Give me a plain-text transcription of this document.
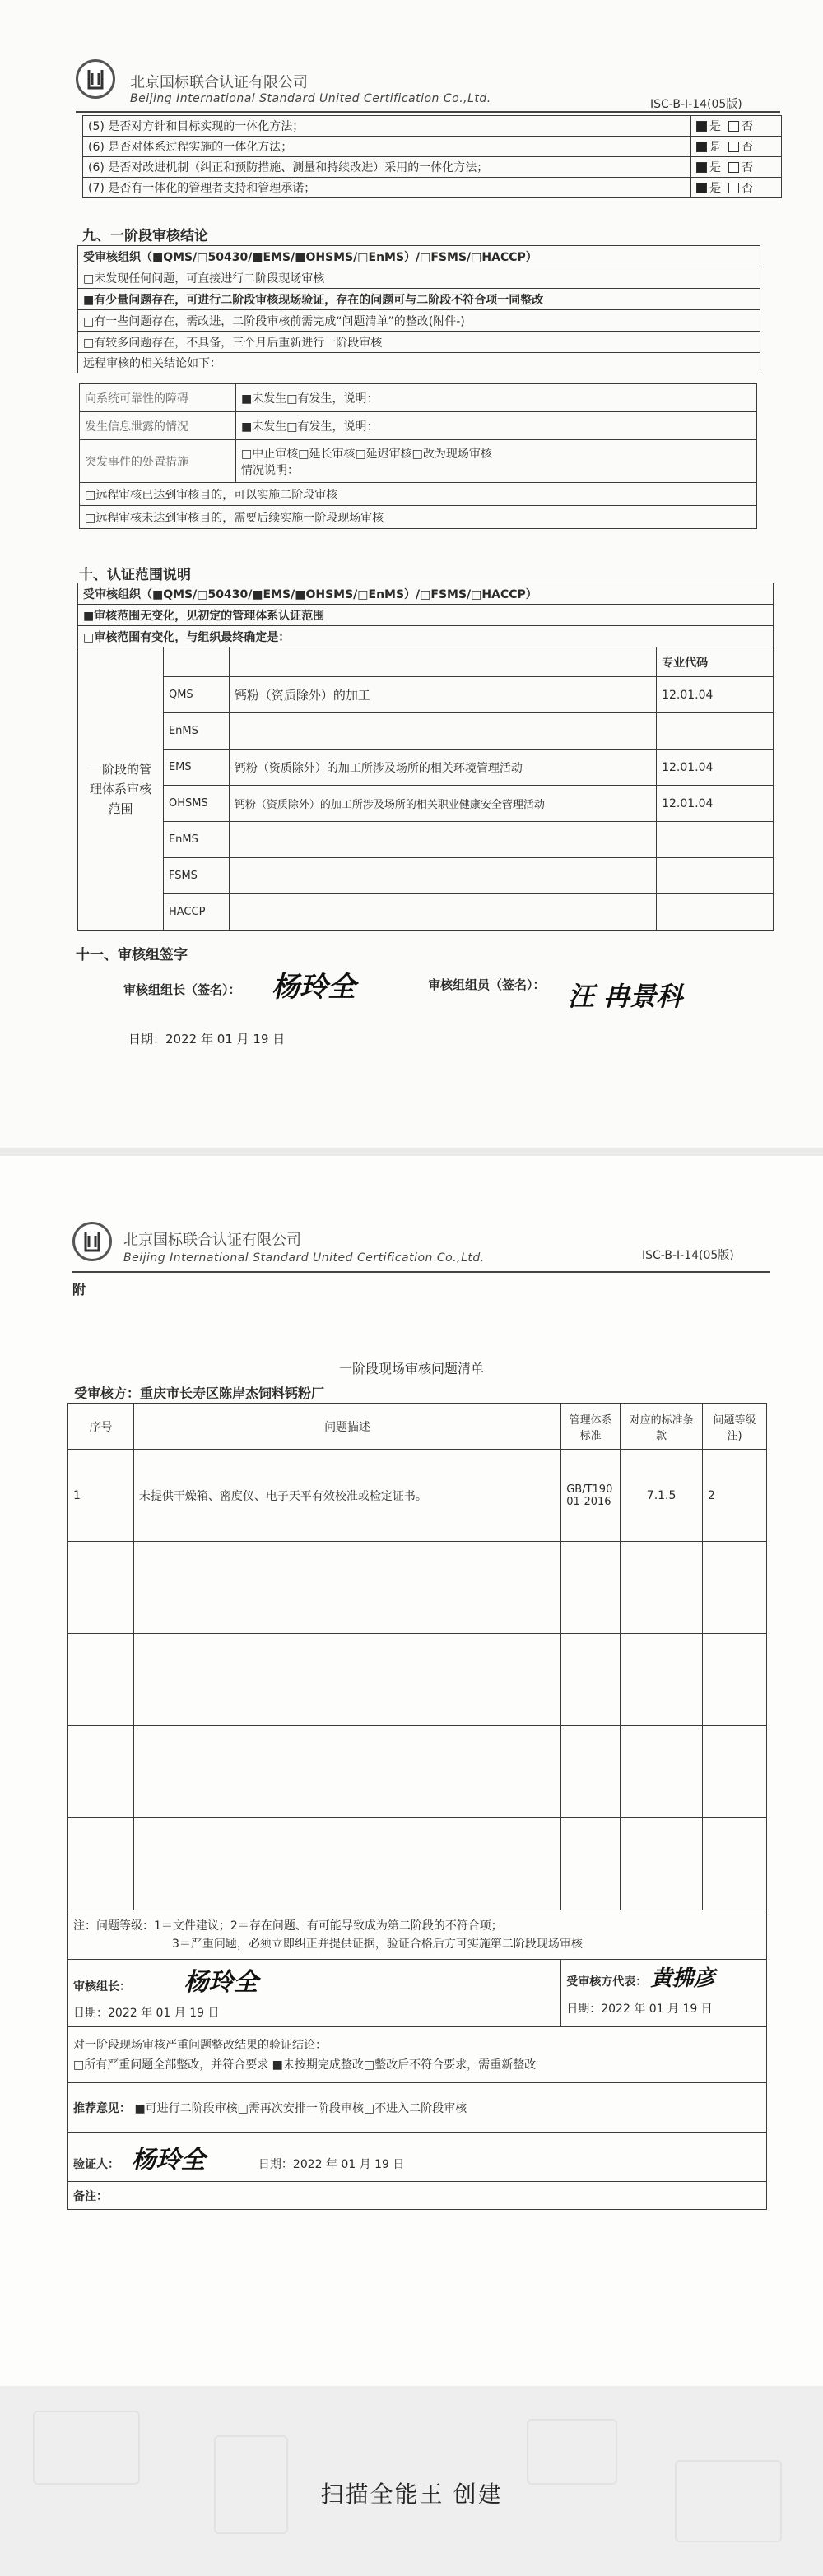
北京国标联合认证有限公司
Beijing International Standard United Certification Co.,Ltd.	ISC-B-I-14(05版)
(5) 是否对方针和目标实现的一体化方法；	是 否
(6) 是否对体系过程实施的一体化方法；	是 否
(6) 是否对改进机制（纠正和预防措施、测量和持续改进）采用的一体化方法；	是 否
(7) 是否有一体化的管理者支持和管理承诺；	是 否
九、一阶段审核结论
受审核组织（■QMS/□50430/■EMS/■OHSMS/□EnMS）/□FSMS/□HACCP）
□未发现任何问题，可直接进行二阶段现场审核
■有少量问题存在，可进行二阶段审核现场验证，存在的问题可与二阶段不符合项一同整改
□有一些问题存在，需改进，二阶段审核前需完成“问题清单”的整改(附件-)
□有较多问题存在，不具备，三个月后重新进行一阶段审核
远程审核的相关结论如下：
向系统可靠性的障碍	■未发生□有发生，说明：
发生信息泄露的情况	■未发生□有发生，说明：
突发事件的处置措施	□中止审核□延长审核□延迟审核□改为现场审核
情况说明：

□远程审核已达到审核目的，可以实施二阶段审核	
□远程审核未达到审核目的，需要后续实施一阶段现场审核	
十、认证范围说明
受审核组织（■QMS/□50430/■EMS/■OHSMS/□EnMS）/□FSMS/□HACCP）			
■审核范围无变化，见初定的管理体系认证范围			
□审核范围有变化，与组织最终确定是：			

一阶段的管理体系审核范围			专业代码
	QMS	钙粉（资质除外）的加工	12.01.04
	EnMS		
	EMS	钙粉（资质除外）的加工所涉及场所的相关环境管理活动	12.01.04
	OHSMS	钙粉（资质除外）的加工所涉及场所的相关职业健康安全管理活动	12.01.04
	EnMS		
	FSMS		
	HACCP		
十一、审核组签字
审核组组长（签名）： 杨玲全	审核组组员（签名）： 汪 冉景科
日期：2022 年 01 月 19 日
北京国标联合认证有限公司
Beijing International Standard United Certification Co.,Ltd.	ISC-B-I-14(05版)
附
一阶段现场审核问题清单
受审核方：重庆市长寿区陈岸杰饲料钙粉厂
序号	问题描述	管理体系标准	对应的标准条款	问题等级注)
1	未提供干燥箱、密度仪、电子天平有效校准或检定证书。	GB/T19001-2016	7.1.5	2

注：问题等级：1＝文件建议；2＝存在问题、有可能导致成为第二阶段的不符合项；
3＝严重问题，必须立即纠正并提供证据，验证合格后方可实施第二阶段现场审核				

审核组长： 杨玲全
日期：2022 年 01 月 19 日		受审核方代表： 黄拂彦
日期：2022 年 01 月 19 日		

对一阶段现场审核严重问题整改结果的验证结论：
□所有严重问题全部整改，并符合要求 ■未按期完成整改□整改后不符合要求，需重新整改				

推荐意见： ■可进行二阶段审核□需再次安排一阶段审核□不进入二阶段审核				
验证人： 杨玲全 日期：2022 年 01 月 19 日				
备注：				
扫描全能王 创建
